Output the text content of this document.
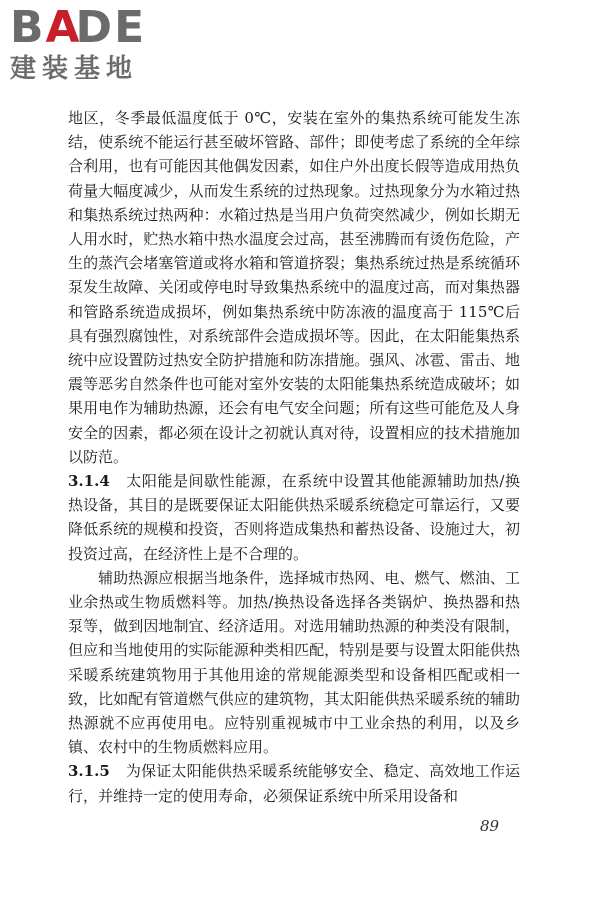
B A
DE
建装基地

地区，冬季最低温度低于 0℃，安装在室外的集热系统可能发生冻结，使系统不能运行甚至破坏管路、部件；即使考虑了系统的全年综合利用，也有可能因其他偶发因素，如住户外出度长假等造成用热负荷量大幅度减少，从而发生系统的过热现象。过热现象分为水箱过热和集热系统过热两种：水箱过热是当用户负荷突然减少，例如长期无人用水时，贮热水箱中热水温度会过高，甚至沸腾而有烫伤危险，产生的蒸汽会堵塞管道或将水箱和管道挤裂；集热系统过热是系统循环泵发生故障、关闭或停电时导致集热系统中的温度过高，而对集热器和管路系统造成损坏，例如集热系统中防冻液的温度高于 115℃后具有强烈腐蚀性，对系统部件会造成损坏等。因此，在太阳能集热系统中应设置防过热安全防护措施和防冻措施。强风、冰雹、雷击、地震等恶劣自然条件也可能对室外安装的太阳能集热系统造成破坏；如果用电作为辅助热源，还会有电气安全问题；所有这些可能危及人身安全的因素，都必须在设计之初就认真对待，设置相应的技术措施加以防范。

3.1.4 太阳能是间歇性能源，在系统中设置其他能源辅助加热/换热设备，其目的是既要保证太阳能供热采暖系统稳定可靠运行，又要降低系统的规模和投资，否则将造成集热和蓄热设备、设施过大，初投资过高，在经济性上是不合理的。

辅助热源应根据当地条件，选择城市热网、电、燃气、燃油、工业余热或生物质燃料等。加热/换热设备选择各类锅炉、换热器和热泵等，做到因地制宜、经济适用。对选用辅助热源的种类没有限制，但应和当地使用的实际能源种类相匹配，特别是要与设置太阳能供热采暖系统建筑物用于其他用途的常规能源类型和设备相匹配或相一致，比如配有管道燃气供应的建筑物，其太阳能供热采暖系统的辅助热源就不应再使用电。应特别重视城市中工业余热的利用，以及乡镇、农村中的生物质燃料应用。

3.1.5 为保证太阳能供热采暖系统能够安全、稳定、高效地工作运行，并维持一定的使用寿命，必须保证系统中所采用设备和

89
